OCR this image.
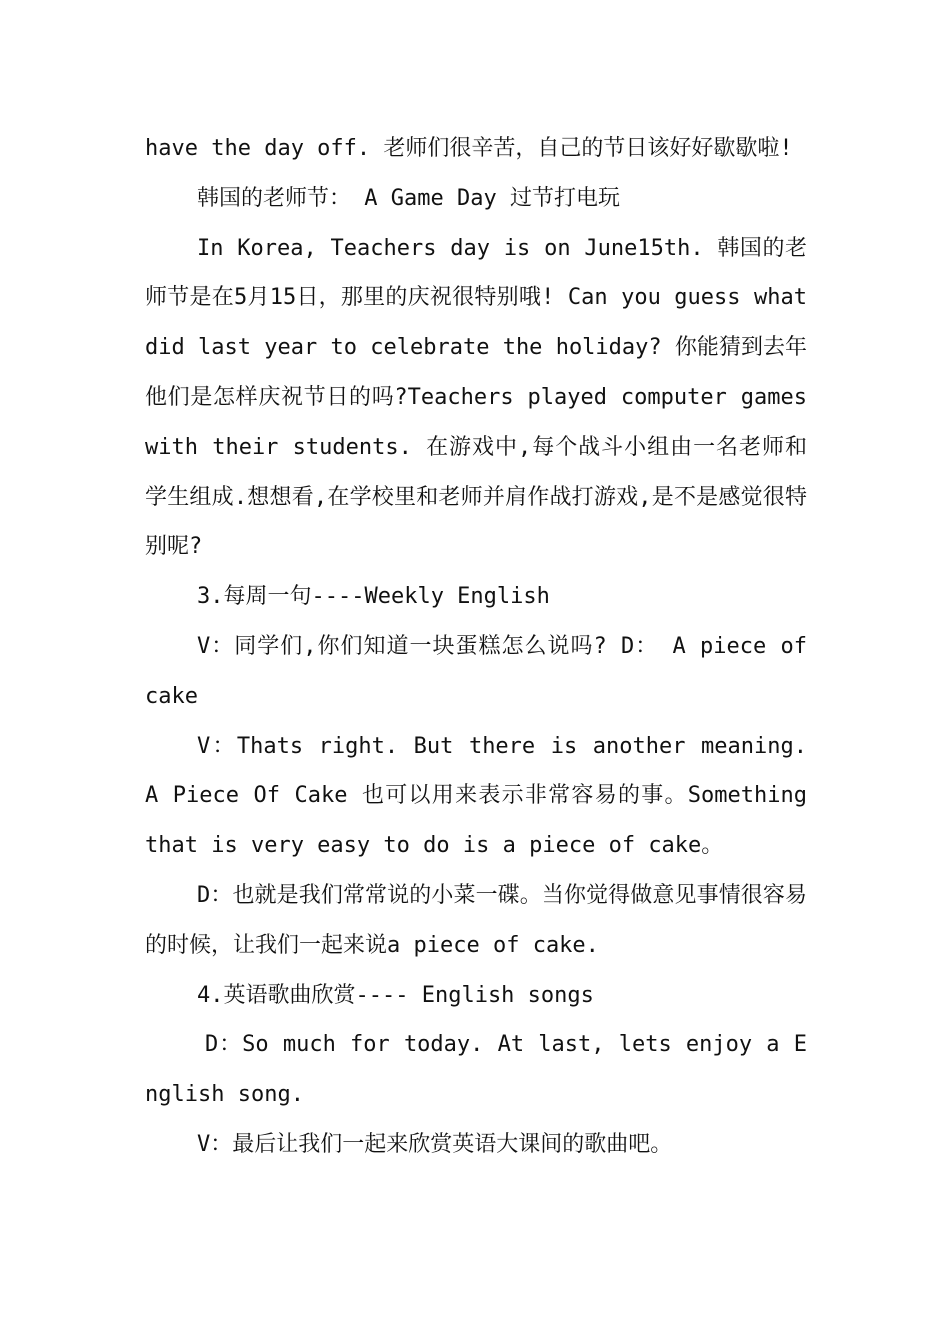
have the day off. 老师们很辛苦，自己的节日该好好歇歇啦!

韩国的老师节： A Game Day 过节打电玩

In Korea, Teachers day is on June15th. 韩国的老师节是在5月15日，那里的庆祝很特别哦! Can you guess what did last year to celebrate the holiday? 你能猜到去年他们是怎样庆祝节日的吗?Teachers played computer games with their students. 在游戏中,每个战斗小组由一名老师和学生组成.想想看,在学校里和老师并肩作战打游戏,是不是感觉很特别呢?

3.每周一句----Weekly English

V：同学们,你们知道一块蛋糕怎么说吗? D： A piece of cake

V：Thats right. But there is another meaning. A Piece Of Cake 也可以用来表示非常容易的事。Something that is very easy to do is a piece of cake。

D：也就是我们常常说的小菜一碟。当你觉得做意见事情很容易的时候，让我们一起来说a piece of cake.

4.英语歌曲欣赏---- English songs

D：So much for today. At last, lets enjoy a English song.

V：最后让我们一起来欣赏英语大课间的歌曲吧。
